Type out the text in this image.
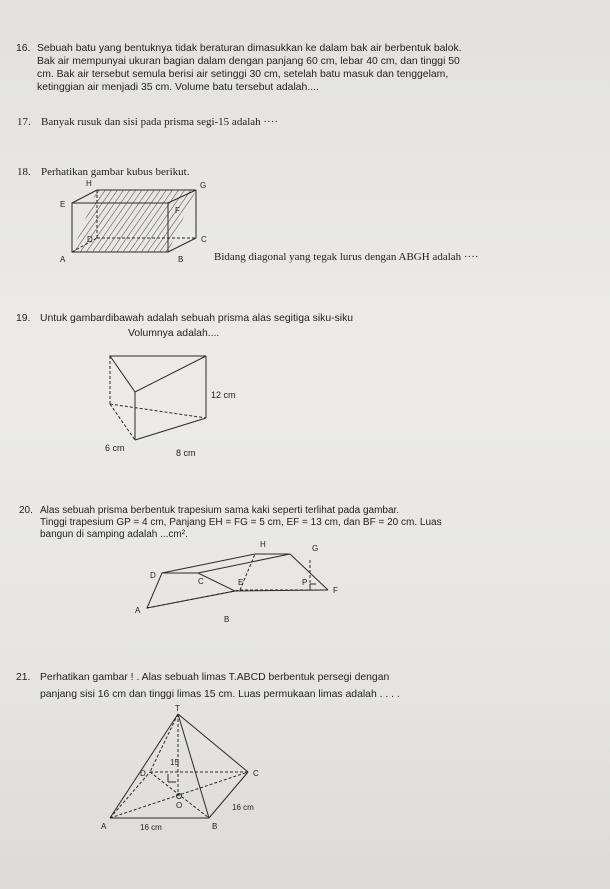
16. Sebuah batu yang bentuknya tidak beraturan dimasukkan ke dalam bak air berbentuk balok.
Bak air mempunyai ukuran bagian dalam dengan panjang 60 cm, lebar 40 cm, dan tinggi 50
cm. Bak air tersebut semula berisi air setinggi 30 cm, setelah batu masuk dan tenggelam,
ketinggian air menjadi 35 cm. Volume batu tersebut adalah....
17. Banyak rusuk dan sisi pada prisma segi-15 adalah ····
18. Perhatikan gambar kubus berikut.
A	B
C
D
E
F
G
H
Bidang diagonal yang tegak lurus dengan ABGH adalah ····
19. Untuk gambardibawah adalah sebuah prisma alas segitiga siku-siku
Volumnya adalah....
12 cm
6 cm	8 cm
20. Alas sebuah prisma berbentuk trapesium sama kaki seperti terlihat pada gambar.
Tinggi trapesium GP = 4 cm, Panjang EH = FG = 5 cm, EF = 13 cm, dan BF = 20 cm. Luas
bangun di samping adalah ...cm².
A
B
C
D
E
F
G
H
P
21. Perhatikan gambar ! . Alas sebuah limas T.ABCD berbentuk persegi dengan
panjang sisi 16 cm dan tinggi limas 15 cm. Luas permukaan limas adalah . . . .
T
A	B
C
D
O
15
16 cm
16 cm
